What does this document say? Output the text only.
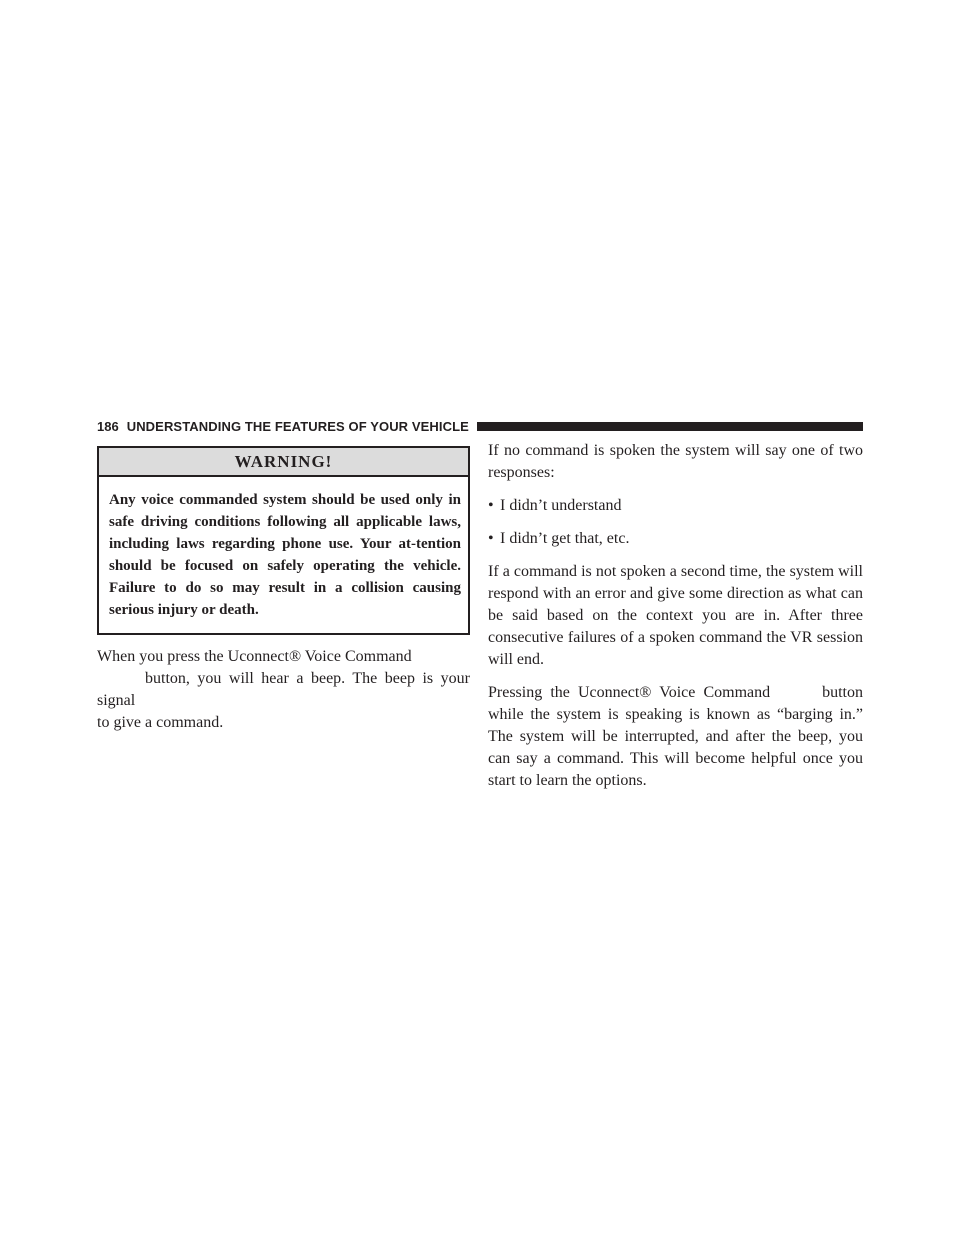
186 UNDERSTANDING THE FEATURES OF YOUR VEHICLE
WARNING!
Any voice commanded system should be used only in safe driving conditions following all applicable laws, including laws regarding phone use. Your at-tention should be focused on safely operating the vehicle. Failure to do so may result in a collision causing serious injury or death.

When you press the Uconnect® Voice Command
button, you will hear a beep. The beep is your signal
to give a command.

If no command is spoken the system will say one of two responses:

• I didn’t understand
• I didn’t get that, etc.

If a command is not spoken a second time, the system will respond with an error and give some direction as what can be said based on the context you are in. After three consecutive failures of a spoken command the VR session will end.

Pressing the Uconnect® Voice Command	button while the system is speaking is known as “barging in.” The system will be interrupted, and after the beep, you can say a command. This will become helpful once you start to learn the options.
